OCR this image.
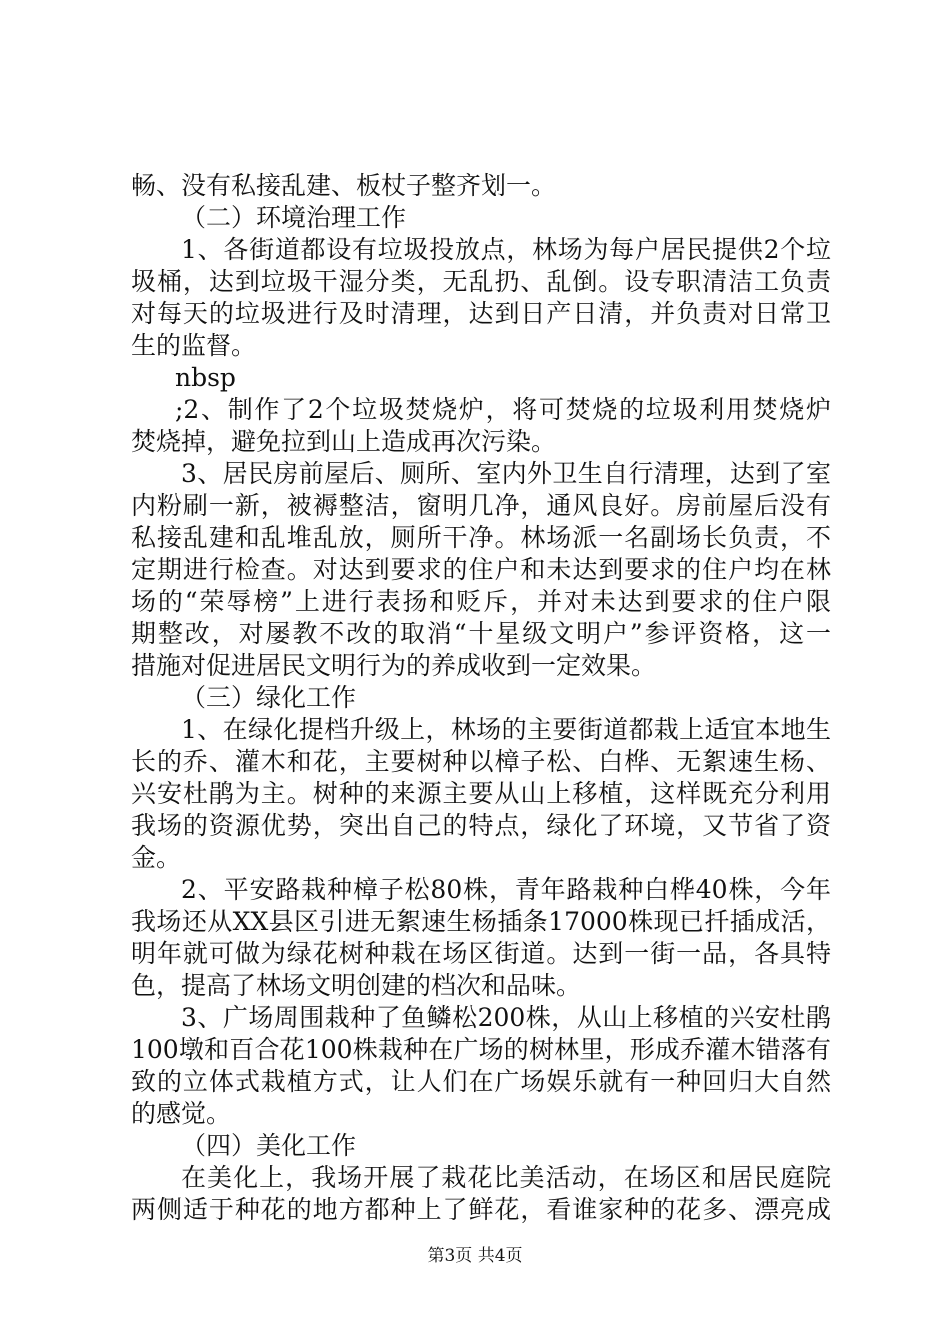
畅、没有私接乱建、板杖子整齐划一。
（二）环境治理工作
1、各街道都设有垃圾投放点，林场为每户居民提供2个垃
圾桶，达到垃圾干湿分类，无乱扔、乱倒。设专职清洁工负责
对每天的垃圾进行及时清理，达到日产日清，并负责对日常卫
生的监督。
nbsp
;2、制作了2个垃圾焚烧炉，将可焚烧的垃圾利用焚烧炉
焚烧掉，避免拉到山上造成再次污染。
3、居民房前屋后、厕所、室内外卫生自行清理，达到了室
内粉刷一新，被褥整洁，窗明几净，通风良好。房前屋后没有
私接乱建和乱堆乱放，厕所干净。林场派一名副场长负责，不
定期进行检查。对达到要求的住户和未达到要求的住户均在林
场的“荣辱榜”上进行表扬和贬斥，并对未达到要求的住户限
期整改，对屡教不改的取消“十星级文明户”参评资格，这一
措施对促进居民文明行为的养成收到一定效果。
（三）绿化工作
1、在绿化提档升级上，林场的主要街道都栽上适宜本地生
长的乔、灌木和花，主要树种以樟子松、白桦、无絮速生杨、
兴安杜鹃为主。树种的来源主要从山上移植，这样既充分利用
我场的资源优势，突出自己的特点，绿化了环境，又节省了资
金。
2、平安路栽种樟子松80株，青年路栽种白桦40株，今年
我场还从XX县区引进无絮速生杨插条17000株现已扦插成活，
明年就可做为绿花树种栽在场区街道。达到一街一品，各具特
色，提高了林场文明创建的档次和品味。
3、广场周围栽种了鱼鳞松200株，从山上移植的兴安杜鹃
100墩和百合花100株栽种在广场的树林里，形成乔灌木错落有
致的立体式栽植方式，让人们在广场娱乐就有一种回归大自然
的感觉。
（四）美化工作
在美化上，我场开展了栽花比美活动，在场区和居民庭院
两侧适于种花的地方都种上了鲜花，看谁家种的花多、漂亮成
第3页 共4页
